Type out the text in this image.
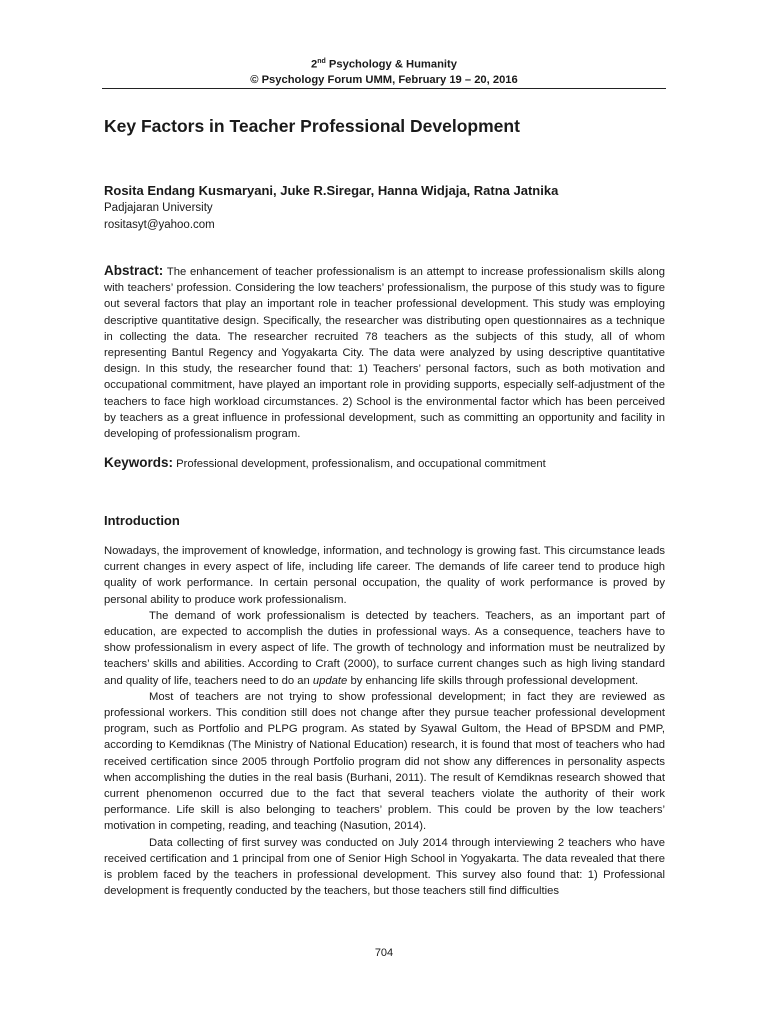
2nd Psychology & Humanity
© Psychology Forum UMM, February 19 – 20, 2016
Key Factors in Teacher Professional Development
Rosita Endang Kusmaryani, Juke R.Siregar, Hanna Widjaja, Ratna Jatnika
Padjajaran University
rositasyt@yahoo.com

Abstract: The enhancement of teacher professionalism is an attempt to increase professionalism skills along with teachers’ profession. Considering the low teachers’ professionalism, the purpose of this study was to figure out several factors that play an important role in teacher professional development. This study was employing descriptive quantitative design. Specifically, the researcher was distributing open questionnaires as a technique in collecting the data. The researcher recruited 78 teachers as the subjects of this study, all of whom representing Bantul Regency and Yogyakarta City. The data were analyzed by using descriptive quantitative design. In this study, the researcher found that: 1) Teachers’ personal factors, such as both motivation and occupational commitment, have played an important role in providing supports, especially self-adjustment of the teachers to face high workload circumstances. 2) School is the environmental factor which has been perceived by teachers as a great influence in professional development, such as committing an opportunity and facility in developing of professionalism program.

Keywords: Professional development, professionalism, and occupational commitment
Introduction

Nowadays, the improvement of knowledge, information, and technology is growing fast. This circumstance leads current changes in every aspect of life, including life career. The demands of life career tend to produce high quality of work performance. In certain personal occupation, the quality of work performance is proved by personal ability to produce work professionalism.

The demand of work professionalism is detected by teachers. Teachers, as an important part of education, are expected to accomplish the duties in professional ways. As a consequence, teachers have to show professionalism in every aspect of life. The growth of technology and information must be neutralized by teachers’ skills and abilities. According to Craft (2000), to surface current changes such as high living standard and quality of life, teachers need to do an update by enhancing life skills through professional development.

Most of teachers are not trying to show professional development; in fact they are reviewed as professional workers. This condition still does not change after they pursue teacher professional development program, such as Portfolio and PLPG program. As stated by Syawal Gultom, the Head of BPSDM and PMP, according to Kemdiknas (The Ministry of National Education) research, it is found that most of teachers who had received certification since 2005 through Portfolio program did not show any differences in personality aspects when accomplishing the duties in the real basis (Burhani, 2011). The result of Kemdiknas research showed that current phenomenon occurred due to the fact that several teachers violate the authority of their work performance. Life skill is also belonging to teachers’ problem. This could be proven by the low teachers’ motivation in competing, reading, and teaching (Nasution, 2014).

Data collecting of first survey was conducted on July 2014 through interviewing 2 teachers who have received certification and 1 principal from one of Senior High School in Yogyakarta. The data revealed that there is problem faced by the teachers in professional development. This survey also found that: 1) Professional development is frequently conducted by the teachers, but those teachers still find difficulties

704
